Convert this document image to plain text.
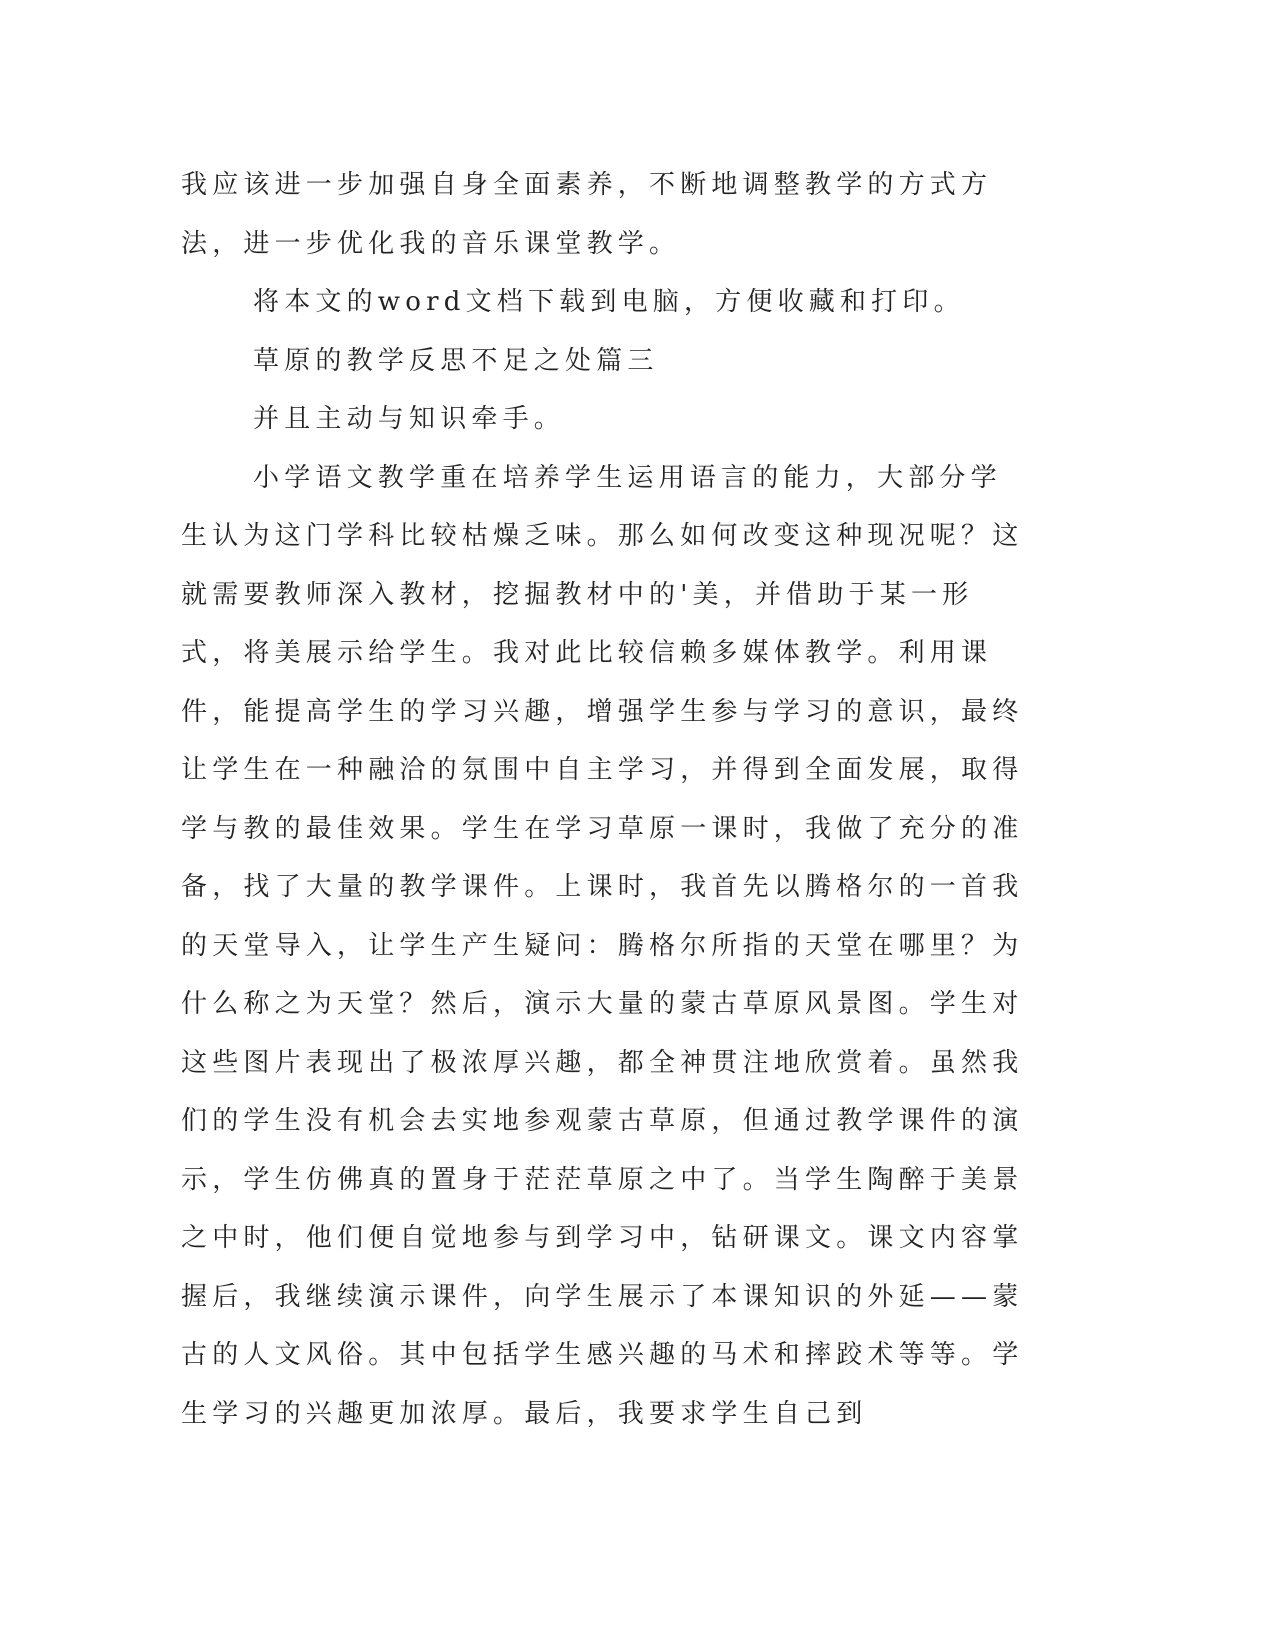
我应该进一步加强自身全面素养，不断地调整教学的方式方法，进一步优化我的音乐课堂教学。

将本文的word文档下载到电脑，方便收藏和打印。

草原的教学反思不足之处篇三

并且主动与知识牵手。

小学语文教学重在培养学生运用语言的能力，大部分学生认为这门学科比较枯燥乏味。那么如何改变这种现况呢？这就需要教师深入教材，挖掘教材中的'美，并借助于某一形式，将美展示给学生。我对此比较信赖多媒体教学。利用课件，能提高学生的学习兴趣，增强学生参与学习的意识，最终让学生在一种融洽的氛围中自主学习，并得到全面发展，取得学与教的最佳效果。学生在学习草原一课时，我做了充分的准备，找了大量的教学课件。上课时，我首先以腾格尔的一首我的天堂导入，让学生产生疑问：腾格尔所指的天堂在哪里？为什么称之为天堂？然后，演示大量的蒙古草原风景图。学生对这些图片表现出了极浓厚兴趣，都全神贯注地欣赏着。虽然我们的学生没有机会去实地参观蒙古草原，但通过教学课件的演示，学生仿佛真的置身于茫茫草原之中了。当学生陶醉于美景之中时，他们便自觉地参与到学习中，钻研课文。课文内容掌握后，我继续演示课件，向学生展示了本课知识的外延——蒙古的人文风俗。其中包括学生感兴趣的马术和摔跤术等等。学生学习的兴趣更加浓厚。最后，我要求学生自己到
